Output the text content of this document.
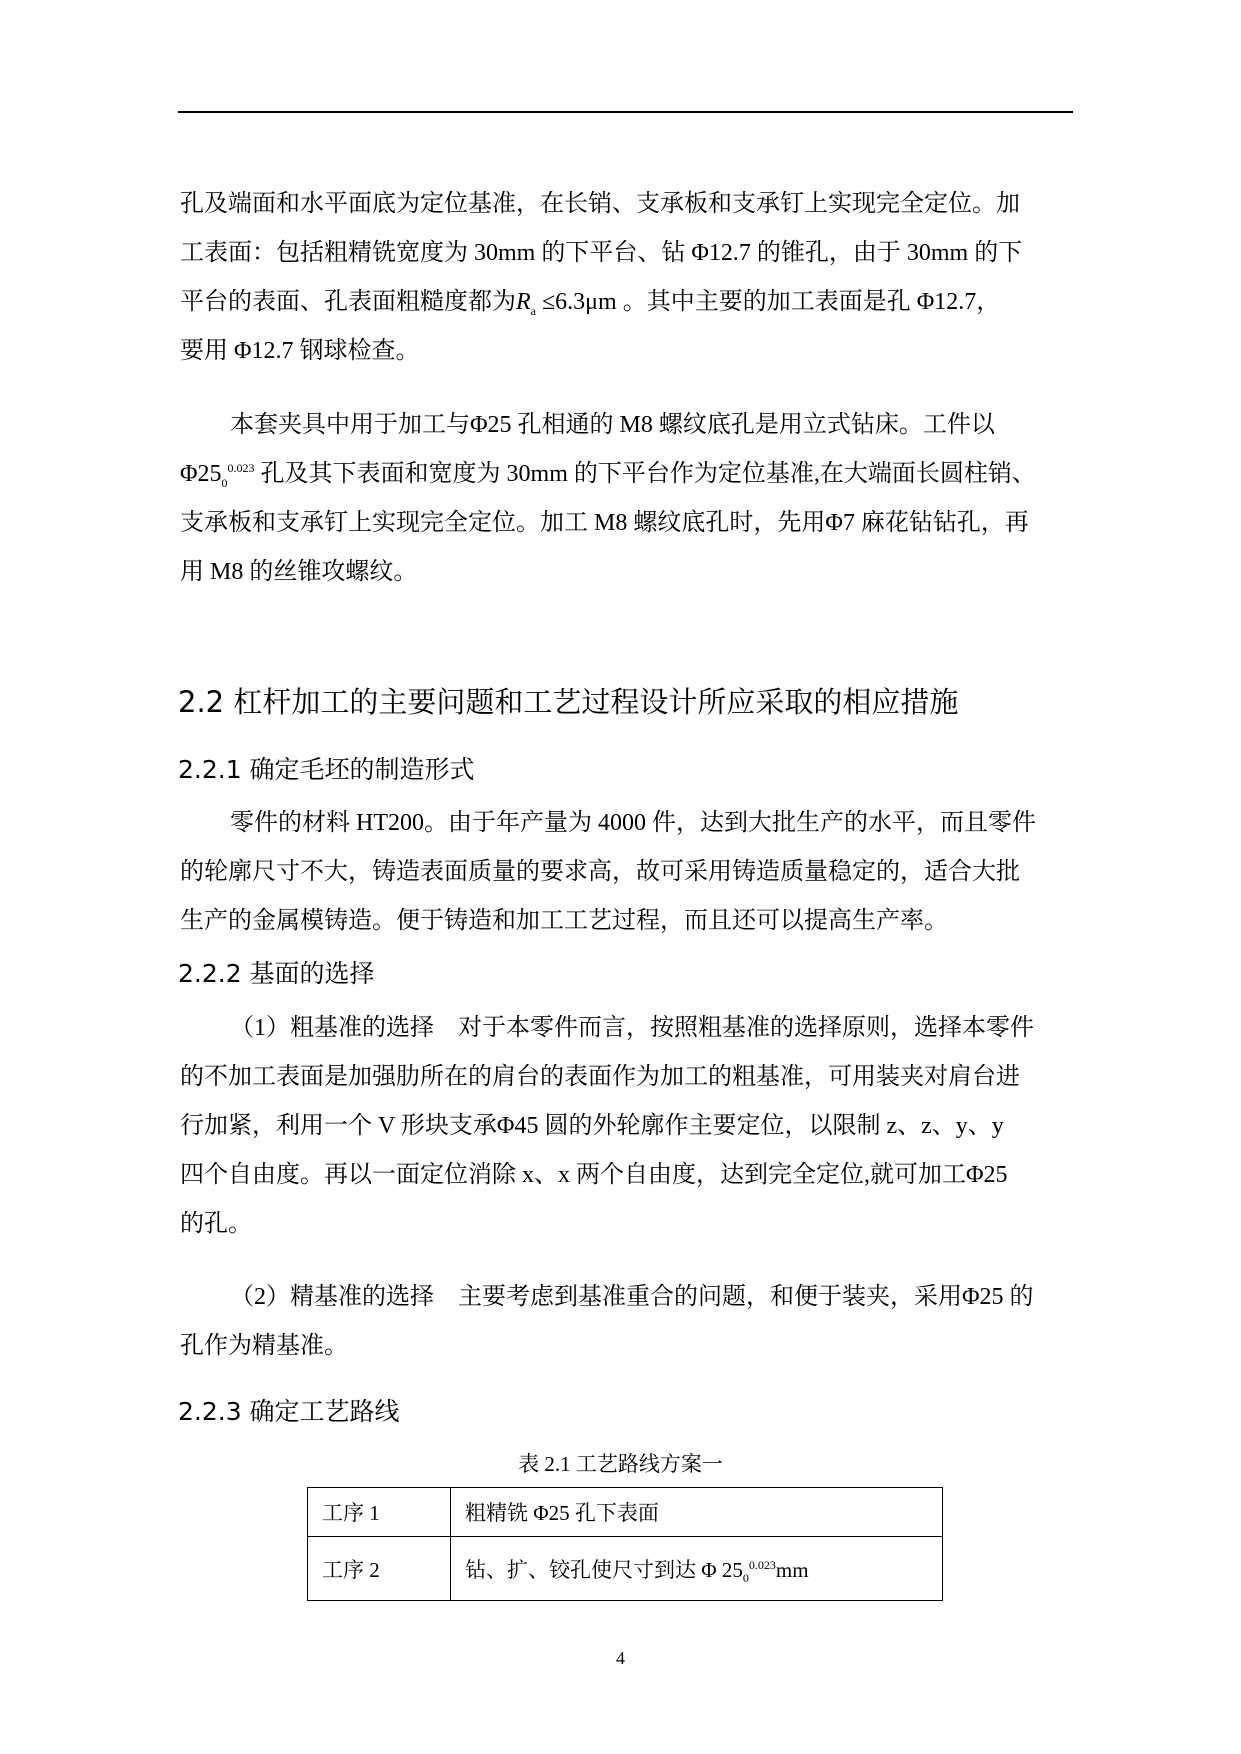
孔及端面和水平面底为定位基准，在长销、支承板和支承钉上实现完全定位。加
工表面：包括粗精铣宽度为 30mm 的下平台、钻 Φ12.7 的锥孔，由于 30mm 的下
平台的表面、孔表面粗糙度都为$R_a \le 6.3\mu m$ 。其中主要的加工表面是孔 Φ12.7，
要用 Φ12.7 钢球检查。
本套夹具中用于加工与Φ25 孔相通的 M8 螺纹底孔是用立式钻床。工件以
$\Phi 25_0^{0.023}$ 孔及其下表面和宽度为 30mm 的下平台作为定位基准,在大端面长圆柱销、
支承板和支承钉上实现完全定位。加工 M8 螺纹底孔时，先用Φ7 麻花钻钻孔，再
用 M8 的丝锥攻螺纹。
2.2 杠杆加工的主要问题和工艺过程设计所应采取的相应措施
2.2.1 确定毛坯的制造形式
零件的材料 HT200。由于年产量为 4000 件，达到大批生产的水平，而且零件
的轮廓尺寸不大，铸造表面质量的要求高，故可采用铸造质量稳定的，适合大批
生产的金属模铸造。便于铸造和加工工艺过程，而且还可以提高生产率。
2.2.2 基面的选择
（1）粗基准的选择　对于本零件而言，按照粗基准的选择原则，选择本零件
的不加工表面是加强肋所在的肩台的表面作为加工的粗基准，可用装夹对肩台进
行加紧，利用一个 V 形块支承Φ45 圆的外轮廓作主要定位，以限制 z、z、y、y
四个自由度。再以一面定位消除 x、x 两个自由度，达到完全定位,就可加工Φ25
的孔。
（2）精基准的选择　主要考虑到基准重合的问题，和便于装夹，采用Φ25 的
孔作为精基准。
2.2.3 确定工艺路线
表 2.1 工艺路线方案一
工序 1	粗精铣 Φ25 孔下表面
工序 2	钻、扩、铰孔使尺寸到达 Φ $25_0^{0.023}mm$
4
